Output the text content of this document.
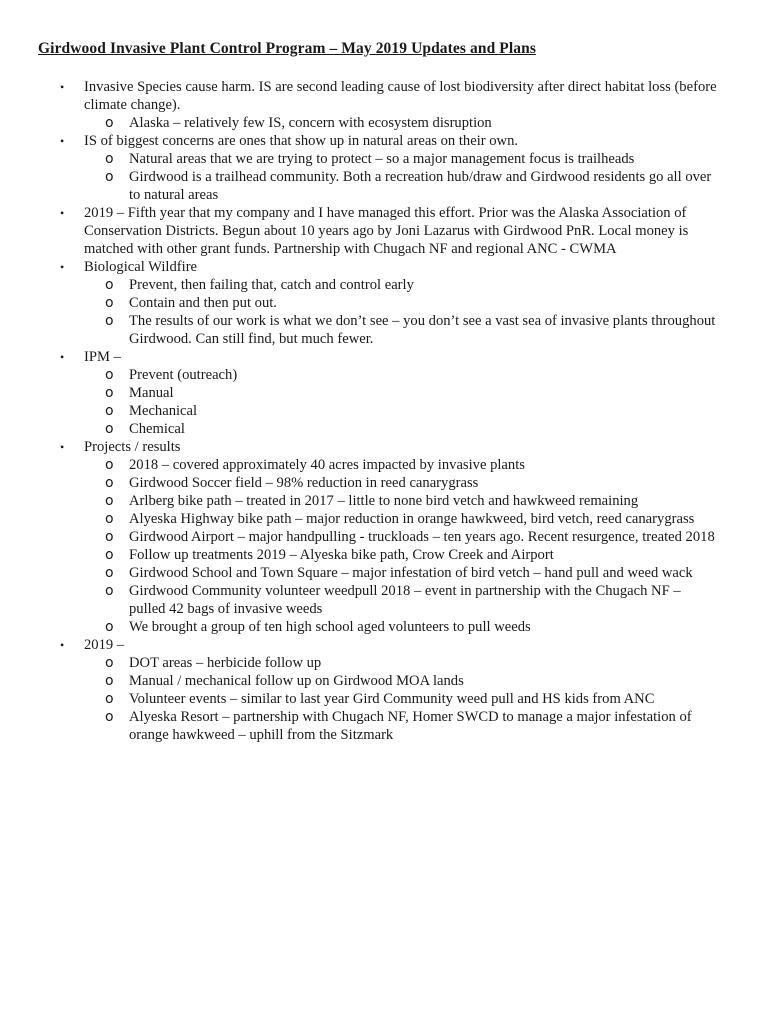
Girdwood Invasive Plant Control Program – May 2019 Updates and Plans
• Invasive Species cause harm. IS are second leading cause of lost biodiversity after direct habitat loss (before climate change).
o Alaska – relatively few IS, concern with ecosystem disruption
• IS of biggest concerns are ones that show up in natural areas on their own.
o Natural areas that we are trying to protect – so a major management focus is trailheads
o Girdwood is a trailhead community. Both a recreation hub/draw and Girdwood residents go all over to natural areas
• 2019 – Fifth year that my company and I have managed this effort. Prior was the Alaska Association of Conservation Districts. Begun about 10 years ago by Joni Lazarus with Girdwood PnR. Local money is matched with other grant funds. Partnership with Chugach NF and regional ANC - CWMA
• Biological Wildfire
o Prevent, then failing that, catch and control early
o Contain and then put out.
o The results of our work is what we don’t see – you don’t see a vast sea of invasive plants throughout Girdwood. Can still find, but much fewer.
• IPM –
o Prevent (outreach)
o Manual
o Mechanical
o Chemical
• Projects / results
o 2018 – covered approximately 40 acres impacted by invasive plants
o Girdwood Soccer field – 98% reduction in reed canarygrass
o Arlberg bike path – treated in 2017 – little to none bird vetch and hawkweed remaining
o Alyeska Highway bike path – major reduction in orange hawkweed, bird vetch, reed canarygrass
o Girdwood Airport – major handpulling - truckloads – ten years ago. Recent resurgence, treated 2018
o Follow up treatments 2019 – Alyeska bike path, Crow Creek and Airport
o Girdwood School and Town Square – major infestation of bird vetch – hand pull and weed wack
o Girdwood Community volunteer weedpull 2018 – event in partnership with the Chugach NF – pulled 42 bags of invasive weeds
o We brought a group of ten high school aged volunteers to pull weeds
• 2019 –
o DOT areas – herbicide follow up
o Manual / mechanical follow up on Girdwood MOA lands
o Volunteer events – similar to last year Gird Community weed pull and HS kids from ANC
o Alyeska Resort – partnership with Chugach NF, Homer SWCD to manage a major infestation of orange hawkweed – uphill from the Sitzmark
